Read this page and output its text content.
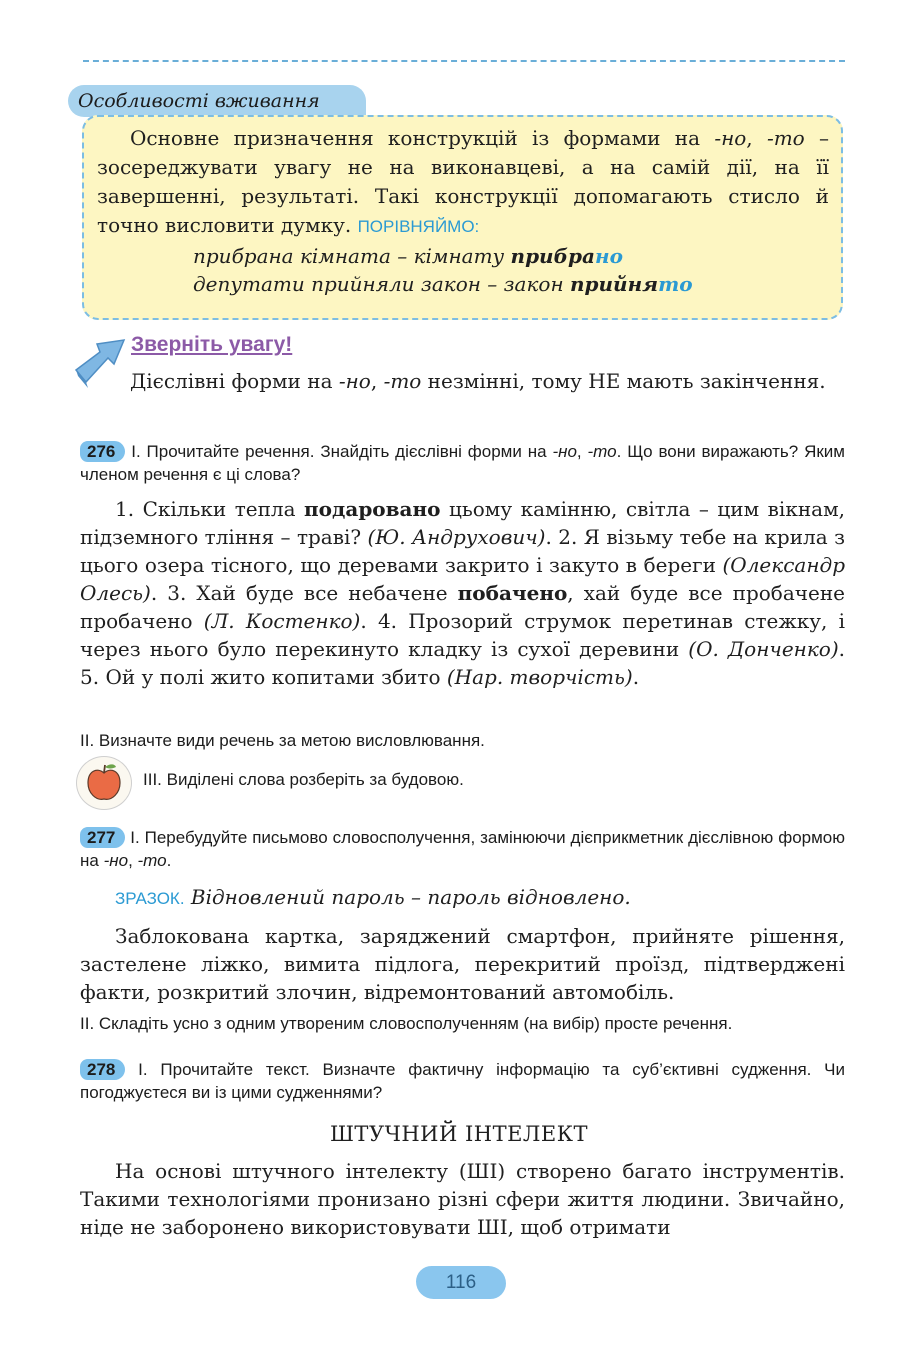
Особливості вживання

Основне призначення конструкцій із формами на -но, -то – зосереджувати увагу не на виконавцеві, а на самій дії, на її завершенні, результаті. Такі конструкції допомагають стисло й точно висловити думку. ПОРІВНЯЙМО:

прибрана кімната – кімнату прибрано
депутати прийняли закон – закон прийнято
Зверніть увагу!

Дієслівні форми на -но, -то незмінні, тому НЕ мають закінчення.

276 I. Прочитайте речення. Знайдіть дієслівні форми на -но, -то. Що вони виражають? Яким членом речення є ці слова?

1. Скільки тепла подаровано цьому камінню, світла – цим вікнам, підземного тління – траві? (Ю. Андрухович). 2. Я візьму тебе на крила з цього озера тісного, що деревами закрито і закуто в береги (Олександр Олесь). 3. Хай буде все небачене побачено, хай буде все пробачене пробачено (Л. Костенко). 4. Прозорий струмок перетинав стежку, і через нього було перекинуто кладку із сухої деревини (О. Донченко). 5. Ой у полі жито копитами збито (Нар. творчість).

II. Визначте види речень за метою висловлювання.
III. Виділені слова розберіть за будовою.

277 I. Перебудуйте письмово словосполучення, замінюючи дієприкметник дієслівною формою на -но, -то.

ЗРАЗОК. Відновлений пароль – пароль відновлено.

Заблокована картка, заряджений смартфон, прийняте рішення, застелене ліжко, вимита підлога, перекритий проїзд, підтверджені факти, розкритий злочин, відремонтований автомобіль.

II. Складіть усно з одним утвореним словосполученням (на вибір) просте речення.

278 I. Прочитайте текст. Визначте фактичну інформацію та суб’єктивні судження. Чи погоджуєтеся ви із цими судженнями?

ШТУЧНИЙ ІНТЕЛЕКТ

На основі штучного інтелекту (ШІ) створено багато інструментів. Такими технологіями пронизано різні сфери життя людини. Звичайно, ніде не заборонено використовувати ШІ, щоб отримати

116
